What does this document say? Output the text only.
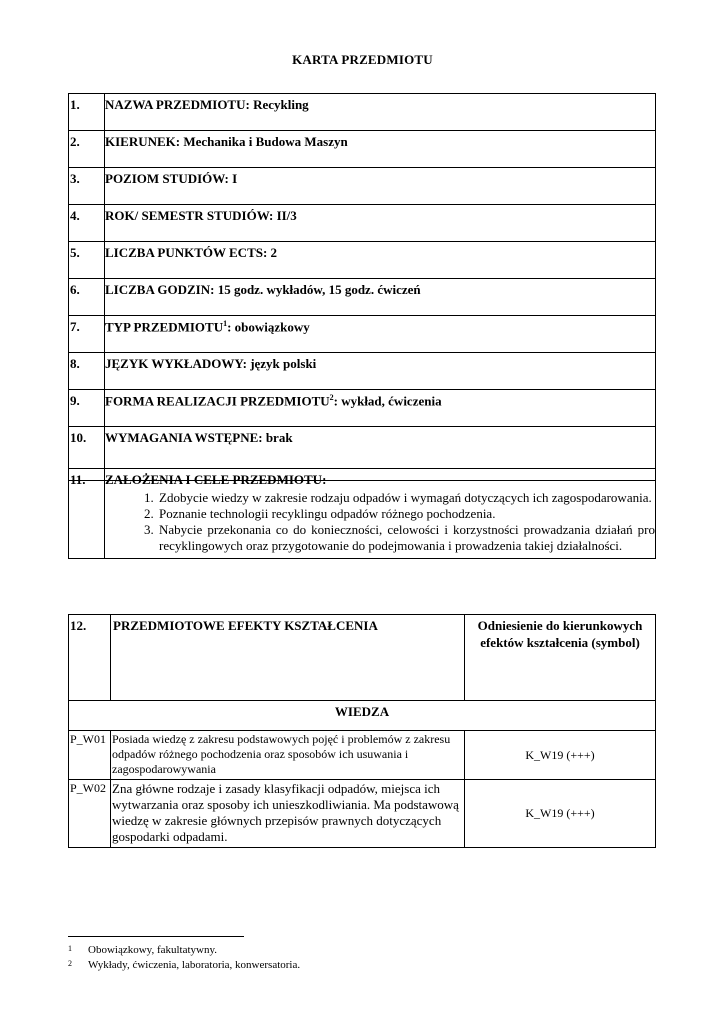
KARTA PRZEDMIOTU
1.	NAZWA PRZEDMIOTU: Recykling
2.	KIERUNEK: Mechanika i Budowa Maszyn
3.	POZIOM STUDIÓW: I
4.	ROK/ SEMESTR STUDIÓW: II/3
5.	LICZBA PUNKTÓW ECTS: 2
6.	LICZBA GODZIN: 15 godz. wykładów, 15 godz. ćwiczeń
7.	TYP PRZEDMIOTU$^1$: obowiązkowy
8.	JĘZYK WYKŁADOWY: język polski
9.	FORMA REALIZACJI PRZEDMIOTU$^2$: wykład, ćwiczenia
10.	WYMAGANIA WSTĘPNE: brak
11.	ZAŁOŻENIA I CELE PRZEDMIOTU:
1. Zdobycie wiedzy w zakresie rodzaju odpadów i wymagań dotyczących ich zagospodarowania.
2. Poznanie technologii recyklingu odpadów różnego pochodzenia.
3. Nabycie przekonania co do konieczności, celowości i korzystności prowadzania działań pro recyklingowych oraz przygotowanie do podejmowania i prowadzenia takiej działalności.
12.	PRZEDMIOTOWE EFEKTY KSZTAŁCENIA	Odniesienie do kierunkowych efektów kształcenia (symbol)
WIEDZA		
P_W01	Posiada wiedzę z zakresu podstawowych pojęć i problemów z zakresu odpadów różnego pochodzenia oraz sposobów ich usuwania i zagospodarowywania	K_W19 (+++)
P_W02	Zna główne rodzaje i zasady klasyfikacji odpadów, miejsca ich wytwarzania oraz sposoby ich unieszkodliwiania. Ma podstawową wiedzę w zakresie głównych przepisów prawnych dotyczących gospodarki odpadami.	K_W19 (+++)
1 Obowiązkowy, fakultatywny.
2 Wykłady, ćwiczenia, laboratoria, konwersatoria.
